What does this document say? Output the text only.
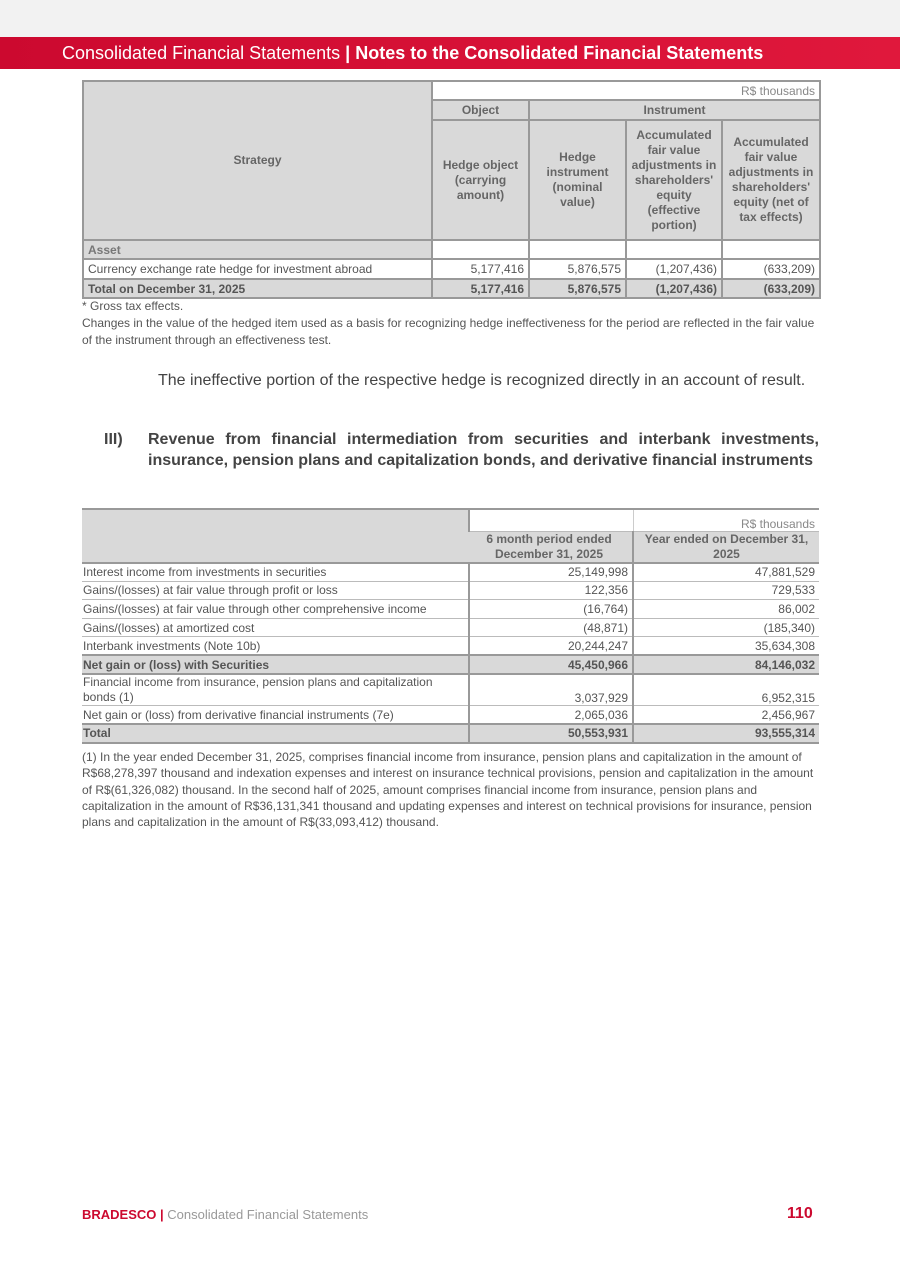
Consolidated Financial Statements | Notes to the Consolidated Financial Statements
Strategy	R$ thousands			
	Object	Instrument		
	Hedge object (carrying amount)	Hedge instrument (nominal value)	Accumulated fair value adjustments in shareholders' equity (effective portion)	Accumulated fair value adjustments in shareholders' equity (net of tax effects)
Asset				
Currency exchange rate hedge for investment abroad	5,177,416	5,876,575	(1,207,436)	(633,209)
Total on December 31, 2025	5,177,416	5,876,575	(1,207,436)	(633,209)
* Gross tax effects.
Changes in the value of the hedged item used as a basis for recognizing hedge ineffectiveness for the period are reflected in the fair value of the instrument through an effectiveness test.
The ineffective portion of the respective hedge is recognized directly in an account of result.
III)	Revenue from financial intermediation from securities and interbank investments, insurance, pension plans and capitalization bonds, and derivative financial instruments
		R$ thousands
	6 month period ended December 31, 2025	Year ended on December 31, 2025
Interest income from investments in securities	25,149,998	47,881,529
Gains/(losses) at fair value through profit or loss	122,356	729,533
Gains/(losses) at fair value through other comprehensive income	(16,764)	86,002
Gains/(losses) at amortized cost	(48,871)	(185,340)
Interbank investments (Note 10b)	20,244,247	35,634,308
Net gain or (loss) with Securities	45,450,966	84,146,032
Financial income from insurance, pension plans and capitalization bonds (1)	3,037,929	6,952,315
Net gain or (loss) from derivative financial instruments (7e)	2,065,036	2,456,967
Total	50,553,931	93,555,314
(1) In the year ended December 31, 2025, comprises financial income from insurance, pension plans and capitalization in the amount of R$68,278,397 thousand and indexation expenses and interest on insurance technical provisions, pension and capitalization in the amount of R$(61,326,082) thousand. In the second half of 2025, amount comprises financial income from insurance, pension plans and capitalization in the amount of R$36,131,341 thousand and updating expenses and interest on technical provisions for insurance, pension plans and capitalization in the amount of R$(33,093,412) thousand.
BRADESCO | Consolidated Financial Statements	110
